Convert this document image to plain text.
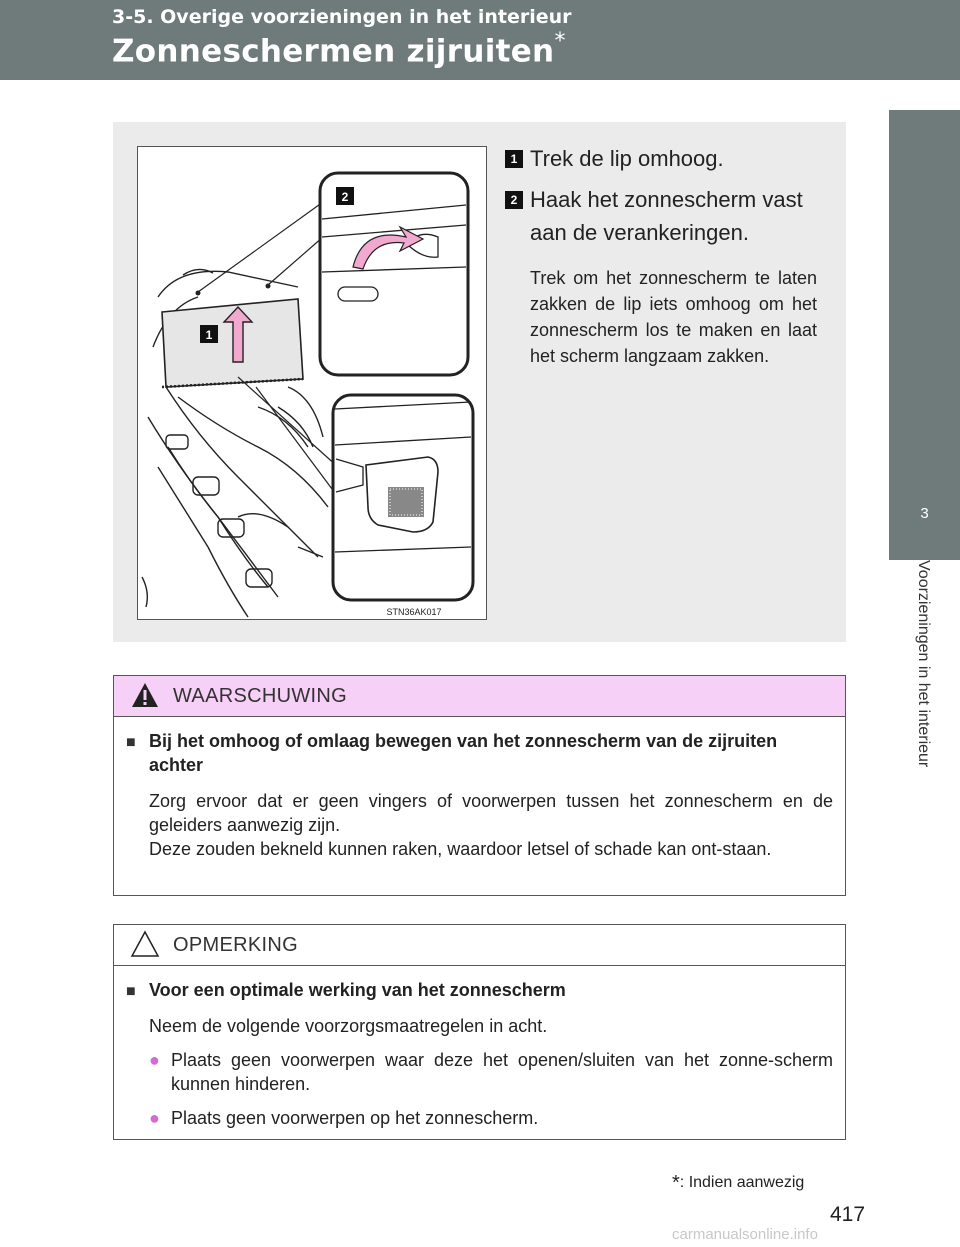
3-5. Overige voorzieningen in het interieur
Zonneschermen zijruiten*
3
Voorzieningen in het interieur
1
2
STN36AK017
1 Trek de lip omhoog.
2 Haak het zonnescherm vast aan de verankeringen.
Trek om het zonnescherm te laten zakken de lip iets omhoog om het zonnescherm los te maken en laat het scherm langzaam zakken.
WAARSCHUWING
■ Bij het omhoog of omlaag bewegen van het zonnescherm van de zijruiten achter

Zorg ervoor dat er geen vingers of voorwerpen tussen het zonnescherm en de geleiders aanwezig zijn.
Deze zouden bekneld kunnen raken, waardoor letsel of schade kan ont-staan.

OPMERKING
■ Voor een optimale werking van het zonnescherm

Neem de volgende voorzorgsmaatregelen in acht.

● Plaats geen voorwerpen waar deze het openen/sluiten van het zonne-scherm kunnen hinderen.
● Plaats geen voorwerpen op het zonnescherm.
*: Indien aanwezig
417
carmanualsonline.info
